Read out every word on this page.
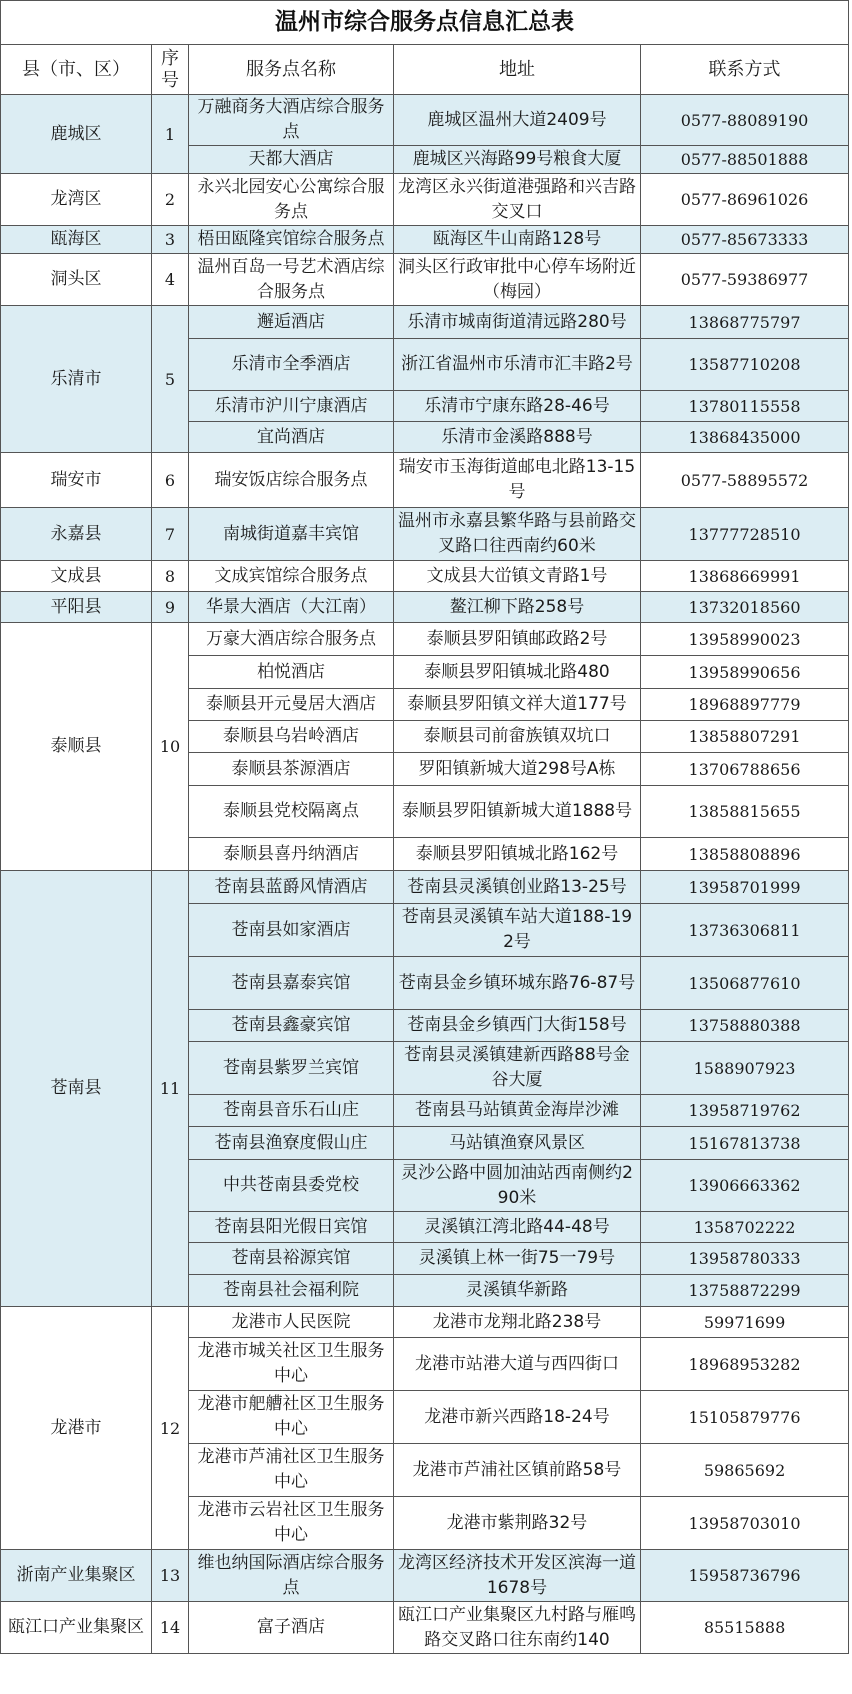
温州市综合服务点信息汇总表				
县（市、区）	序号	服务点名称	地址	联系方式
鹿城区	1	万融商务大酒店综合服务点	鹿城区温州大道2409号	0577-88089190
		天都大酒店	鹿城区兴海路99号粮食大厦	0577-88501888
龙湾区	2	永兴北园安心公寓综合服务点	龙湾区永兴街道港强路和兴吉路交叉口	0577-86961026
瓯海区	3	梧田瓯隆宾馆综合服务点	瓯海区牛山南路128号	0577-85673333
洞头区	4	温州百岛一号艺术酒店综合服务点	洞头区行政审批中心停车场附近（梅园）	0577-59386977
乐清市	5	邂逅酒店	乐清市城南街道清远路280号	13868775797
		乐清市全季酒店	浙江省温州市乐清市汇丰路2号	13587710208
		乐清市沪川宁康酒店	乐清市宁康东路28-46号	13780115558
		宜尚酒店	乐清市金溪路888号	13868435000
瑞安市	6	瑞安饭店综合服务点	瑞安市玉海街道邮电北路13-15号	0577-58895572
永嘉县	7	南城街道嘉丰宾馆	温州市永嘉县繁华路与县前路交叉路口往西南约60米	13777728510
文成县	8	文成宾馆综合服务点	文成县大峃镇文青路1号	13868669991
平阳县	9	华景大酒店（大江南）	鳌江柳下路258号	13732018560
泰顺县	10	万豪大酒店综合服务点	泰顺县罗阳镇邮政路2号	13958990023
		柏悦酒店	泰顺县罗阳镇城北路480	13958990656
		泰顺县开元曼居大酒店	泰顺县罗阳镇文祥大道177号	18968897779
		泰顺县乌岩岭酒店	泰顺县司前畲族镇双坑口	13858807291
		泰顺县茶源酒店	罗阳镇新城大道298号A栋	13706788656
		泰顺县党校隔离点	泰顺县罗阳镇新城大道1888号	13858815655
		泰顺县喜丹纳酒店	泰顺县罗阳镇城北路162号	13858808896
苍南县	11	苍南县蓝爵风情酒店	苍南县灵溪镇创业路13-25号	13958701999
		苍南县如家酒店	苍南县灵溪镇车站大道188-192号	13736306811
		苍南县嘉泰宾馆	苍南县金乡镇环城东路76-87号	13506877610
		苍南县鑫豪宾馆	苍南县金乡镇西门大街158号	13758880388
		苍南县紫罗兰宾馆	苍南县灵溪镇建新西路88号金谷大厦	1588907923
		苍南县音乐石山庄	苍南县马站镇黄金海岸沙滩	13958719762
		苍南县渔寮度假山庄	马站镇渔寮风景区	15167813738
		中共苍南县委党校	灵沙公路中圆加油站西南侧约290米	13906663362
		苍南县阳光假日宾馆	灵溪镇江湾北路44-48号	1358702222
		苍南县裕源宾馆	灵溪镇上林一街75一79号	13958780333
		苍南县社会福利院	灵溪镇华新路	13758872299
龙港市	12	龙港市人民医院	龙港市龙翔北路238号	59971699
		龙港市城关社区卫生服务中心	龙港市站港大道与西四街口	18968953282
		龙港市舥艚社区卫生服务中心	龙港市新兴西路18-24号	15105879776
		龙港市芦浦社区卫生服务中心	龙港市芦浦社区镇前路58号	59865692
		龙港市云岩社区卫生服务中心	龙港市紫荆路32号	13958703010
浙南产业集聚区	13	维也纳国际酒店综合服务点	龙湾区经济技术开发区滨海一道1678号	15958736796
瓯江口产业集聚区	14	富子酒店	瓯江口产业集聚区九村路与雁鸣路交叉路口往东南约140	85515888
